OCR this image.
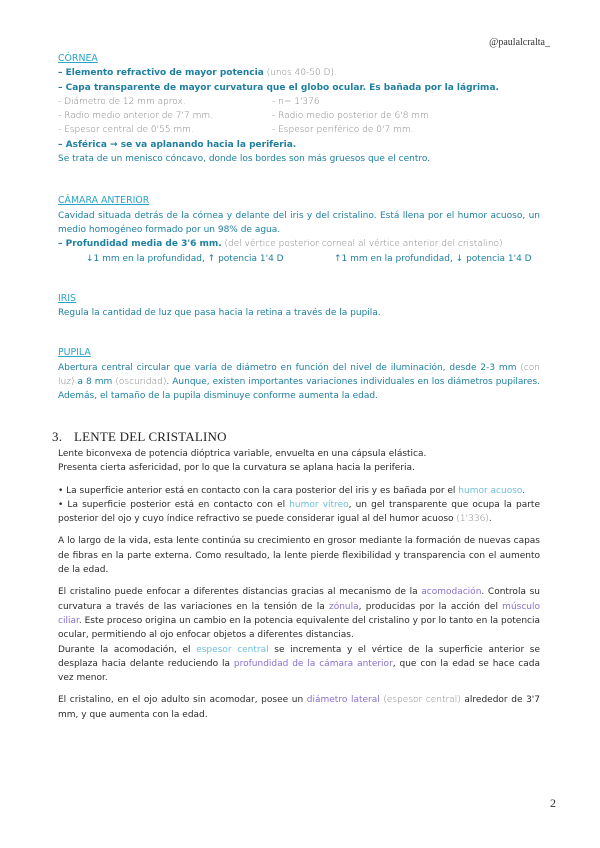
@paulalcralta_

CÓRNEA

– Elemento refractivo de mayor potencia (unos 40-50 D).

– Capa transparente de mayor curvatura que el globo ocular. Es bañada por la lágrima.

- Diámetro de 12 mm aprox.	- n= 1'376
- Radio medio anterior de 7'7 mm.	- Radio medio posterior de 6'8 mm.
- Espesor central de 0'55 mm.	- Espesor periférico de 0'7 mm.

– Asférica → se va aplanando hacia la periferia.

Se trata de un menisco cóncavo, donde los bordes son más gruesos que el centro.

CÁMARA ANTERIOR

Cavidad situada detrás de la córnea y delante del iris y del cristalino. Está llena por el humor acuoso, un medio homogéneo formado por un 98% de agua.

– Profundidad media de 3'6 mm. (del vértice posterior corneal al vértice anterior del cristalino)

↓1 mm en la profundidad, ↑ potencia 1'4 D	↑1 mm en la profundidad, ↓ potencia 1'4 D

IRIS

Regula la cantidad de luz que pasa hacia la retina a través de la pupila.

PUPILA

Abertura central circular que varía de diámetro en función del nivel de iluminación, desde 2-3 mm (con luz) a 8 mm (oscuridad). Aunque, existen importantes variaciones individuales en los diámetros pupilares. Además, el tamaño de la pupila disminuye conforme aumenta la edad.

3. LENTE DEL CRISTALINO

Lente biconvexa de potencia dióptrica variable, envuelta en una cápsula elástica.

Presenta cierta asfericidad, por lo que la curvatura se aplana hacia la periferia.

• La superficie anterior está en contacto con la cara posterior del iris y es bañada por el humor acuoso.

• La superficie posterior está en contacto con el humor vítreo, un gel transparente que ocupa la parte posterior del ojo y cuyo índice refractivo se puede considerar igual al del humor acuoso (1'336).

A lo largo de la vida, esta lente continúa su crecimiento en grosor mediante la formación de nuevas capas de fibras en la parte externa. Como resultado, la lente pierde flexibilidad y transparencia con el aumento de la edad.

El cristalino puede enfocar a diferentes distancias gracias al mecanismo de la acomodación. Controla su curvatura a través de las variaciones en la tensión de la zónula, producidas por la acción del músculo ciliar. Este proceso origina un cambio en la potencia equivalente del cristalino y por lo tanto en la potencia ocular, permitiendo al ojo enfocar objetos a diferentes distancias.

Durante la acomodación, el espesor central se incrementa y el vértice de la superficie anterior se desplaza hacia delante reduciendo la profundidad de la cámara anterior, que con la edad se hace cada vez menor.

El cristalino, en el ojo adulto sin acomodar, posee un diámetro lateral (espesor central) alrededor de 3'7 mm, y que aumenta con la edad.

2
